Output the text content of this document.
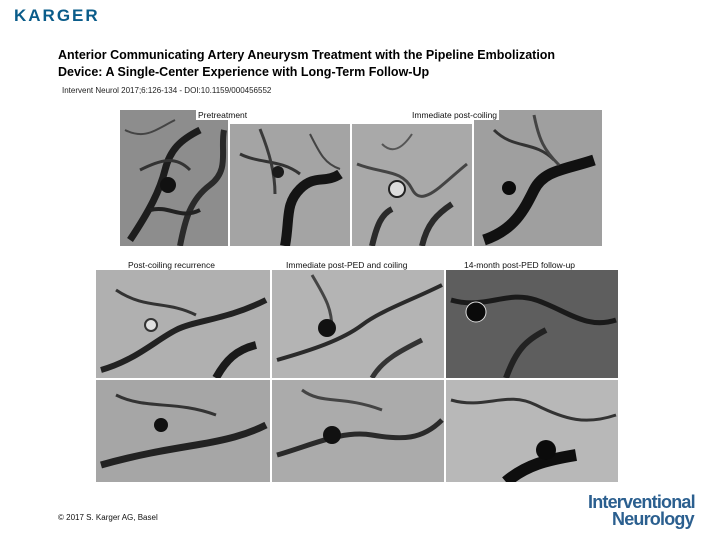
KARGER
Anterior Communicating Artery Aneurysm Treatment with the Pipeline Embolization
Device: A Single-Center Experience with Long-Term Follow-Up
Intervent Neurol 2017;6:126-134 - DOI:10.1159/000456552
Pretreatment	Immediate post-coiling
Post-coiling recurrence	Immediate post-PED and coiling	14-month post-PED follow-up
© 2017 S. Karger AG, Basel
Interventional
Neurology
